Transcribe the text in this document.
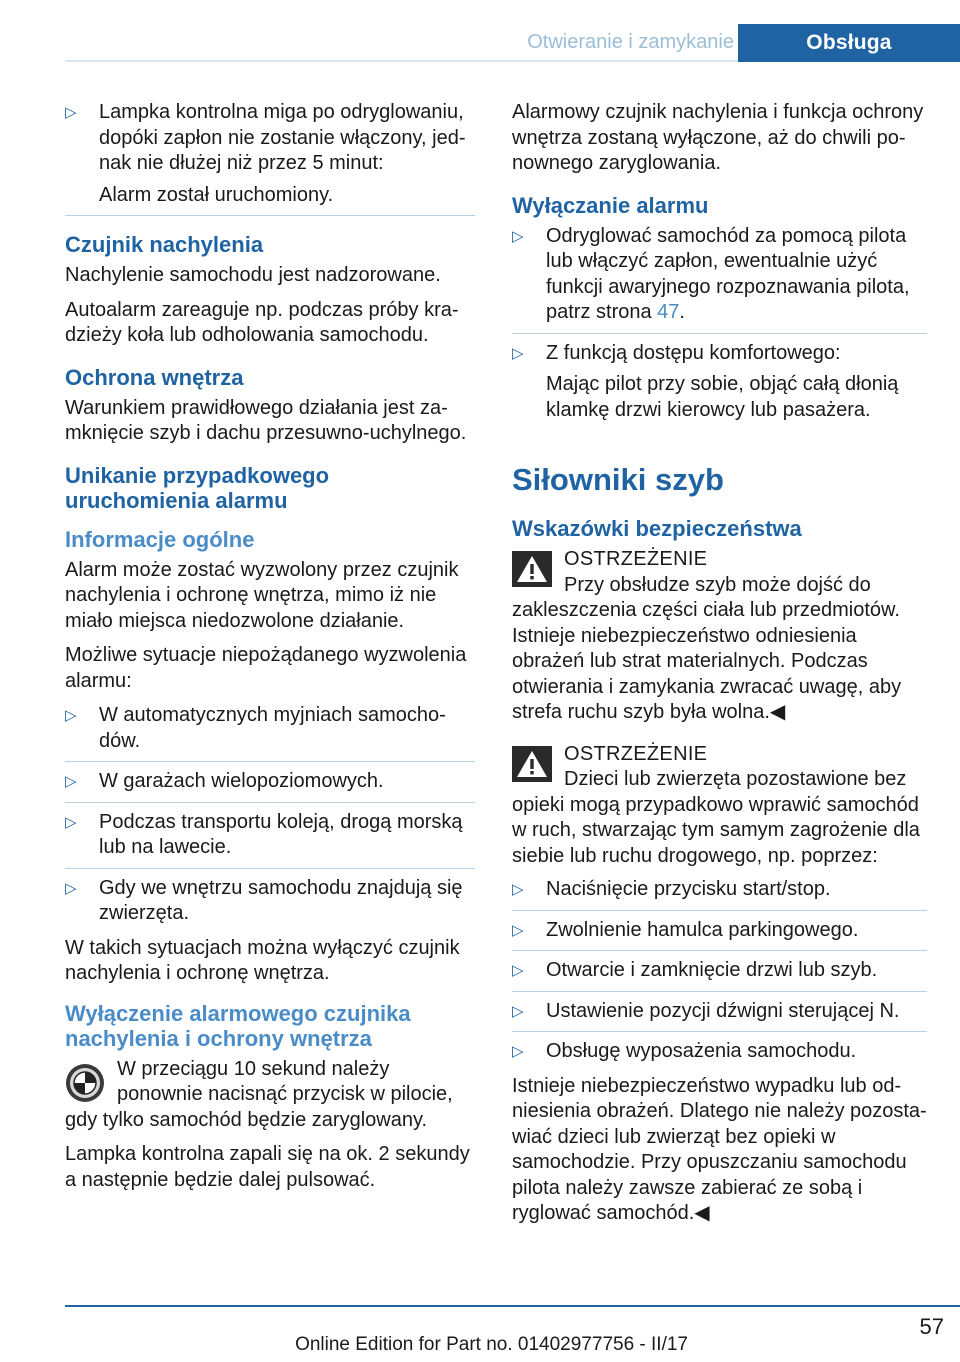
Otwieranie i zamykanie	Obsługa
▷ Lampka kontrolna miga po odryglowaniu, dopóki zapłon nie zostanie włączony, jednak nie dłużej niż przez 5 minut:
Alarm został uruchomiony.
Czujnik nachylenia

Nachylenie samochodu jest nadzorowane.

Autoalarm zareaguje np. podczas próby kradzieży koła lub odholowania samochodu.

Ochrona wnętrza

Warunkiem prawidłowego działania jest zamknięcie szyb i dachu przesuwno-uchylnego.

Unikanie przypadkowego uruchomienia alarmu
Informacje ogólne

Alarm może zostać wyzwolony przez czujnik nachylenia i ochronę wnętrza, mimo iż nie miało miejsca niedozwolone działanie.

Możliwe sytuacje niepożądanego wyzwolenia alarmu:

▷ W automatycznych myjniach samochodów.
▷ W garażach wielopoziomowych.
▷ Podczas transportu koleją, drogą morską lub na lawecie.
▷ Gdy we wnętrzu samochodu znajdują się zwierzęta.

W takich sytuacjach można wyłączyć czujnik nachylenia i ochronę wnętrza.

Wyłączenie alarmowego czujnika nachylenia i ochrony wnętrza

W przeciągu 10 sekund należy ponownie nacisnąć przycisk w pilocie, gdy tylko samochód będzie zaryglowany.

Lampka kontrolna zapali się na ok. 2 sekundy a następnie będzie dalej pulsować.

Alarmowy czujnik nachylenia i funkcja ochrony wnętrza zostaną wyłączone, aż do chwili ponownego zaryglowania.

Wyłączanie alarmu
▷ Odryglować samochód za pomocą pilota lub włączyć zapłon, ewentualnie użyć funkcji awaryjnego rozpoznawania pilota, patrz strona 47.
▷ Z funkcją dostępu komfortowego:
Mając pilot przy sobie, objąć całą dłonią klamkę drzwi kierowcy lub pasażera.
Siłowniki szyb
Wskazówki bezpieczeństwa
OSTRZEŻENIE
Przy obsłudze szyb może dojść do zakleszczenia części ciała lub przedmiotów. Istnieje niebezpieczeństwo odniesienia obrażeń lub strat materialnych. Podczas otwierania i zamykania zwracać uwagę, aby strefa ruchu szyb była wolna.◀
OSTRZEŻENIE
Dzieci lub zwierzęta pozostawione bez opieki mogą przypadkowo wprawić samochód w ruch, stwarzając tym samym zagrożenie dla siebie lub ruchu drogowego, np. poprzez:
▷ Naciśnięcie przycisku start/stop.
▷ Zwolnienie hamulca parkingowego.
▷ Otwarcie i zamknięcie drzwi lub szyb.
▷ Ustawienie pozycji dźwigni sterującej N.
▷ Obsługę wyposażenia samochodu.

Istnieje niebezpieczeństwo wypadku lub odniesienia obrażeń. Dlatego nie należy pozostawiać dzieci lub zwierząt bez opieki w samochodzie. Przy opuszczaniu samochodu pilota należy zawsze zabierać ze sobą i ryglować samochód.◀

57
Online Edition for Part no. 01402977756 - II/17
